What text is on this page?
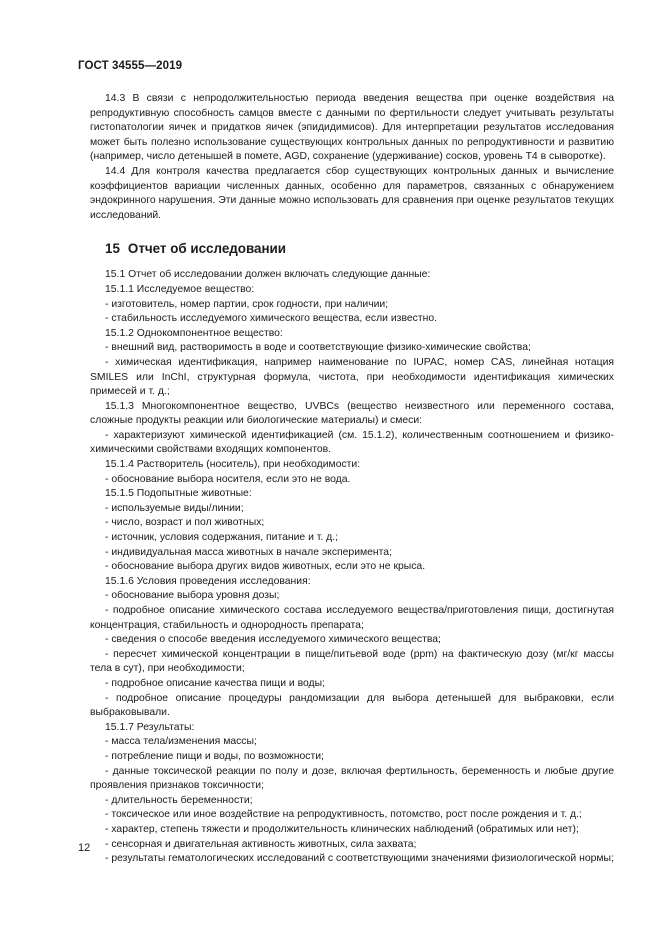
ГОСТ 34555—2019

14.3 В связи с непродолжительностью периода введения вещества при оценке воздействия на репродуктивную способность самцов вместе с данными по фертильности следует учитывать результаты гистопатологии яичек и придатков яичек (эпидидимисов). Для интерпретации результатов исследования может быть полезно использование существующих контрольных данных по репродуктивности и развитию (например, число детенышей в помете, AGD, сохранение (удерживание) сосков, уровень Т4 в сыворотке).

14.4 Для контроля качества предлагается сбор существующих контрольных данных и вычисление коэффициентов вариации численных данных, особенно для параметров, связанных с обнаружением эндокринного нарушения. Эти данные можно использовать для сравнения при оценке результатов текущих исследований.

15 Отчет об исследовании

15.1 Отчет об исследовании должен включать следующие данные:

15.1.1 Исследуемое вещество:

- изготовитель, номер партии, срок годности, при наличии;

- стабильность исследуемого химического вещества, если известно.

15.1.2 Однокомпонентное вещество:

- внешний вид, растворимость в воде и соответствующие физико-химические свойства;

- химическая идентификация, например наименование по IUPAC, номер CAS, линейная нотация SMILES или InChI, структурная формула, чистота, при необходимости идентификация химических примесей и т. д.;

15.1.3 Многокомпонентное вещество, UVBCs (вещество неизвестного или переменного состава, сложные продукты реакции или биологические материалы) и смеси:

- характеризуют химической идентификацией (см. 15.1.2), количественным соотношением и физико-химическими свойствами входящих компонентов.

15.1.4 Растворитель (носитель), при необходимости:

- обоснование выбора носителя, если это не вода.

15.1.5 Подопытные животные:

- используемые виды/линии;

- число, возраст и пол животных;

- источник, условия содержания, питание и т. д.;

- индивидуальная масса животных в начале эксперимента;

- обоснование выбора других видов животных, если это не крыса.

15.1.6 Условия проведения исследования:

- обоснование выбора уровня дозы;

- подробное описание химического состава исследуемого вещества/приготовления пищи, достигнутая концентрация, стабильность и однородность препарата;

- сведения о способе введения исследуемого химического вещества;

- пересчет химической концентрации в пище/питьевой воде (ppm) на фактическую дозу (мг/кг массы тела в сут), при необходимости;

- подробное описание качества пищи и воды;

- подробное описание процедуры рандомизации для выбора детенышей для выбраковки, если выбраковывали.

15.1.7 Результаты:

- масса тела/изменения массы;

- потребление пищи и воды, по возможности;

- данные токсической реакции по полу и дозе, включая фертильность, беременность и любые другие проявления признаков токсичности;

- длительность беременности;

- токсическое или иное воздействие на репродуктивность, потомство, рост после рождения и т. д.;

- характер, степень тяжести и продолжительность клинических наблюдений (обратимых или нет);

- сенсорная и двигательная активность животных, сила захвата;

- результаты гематологических исследований с соответствующими значениями физиологической нормы;

12
